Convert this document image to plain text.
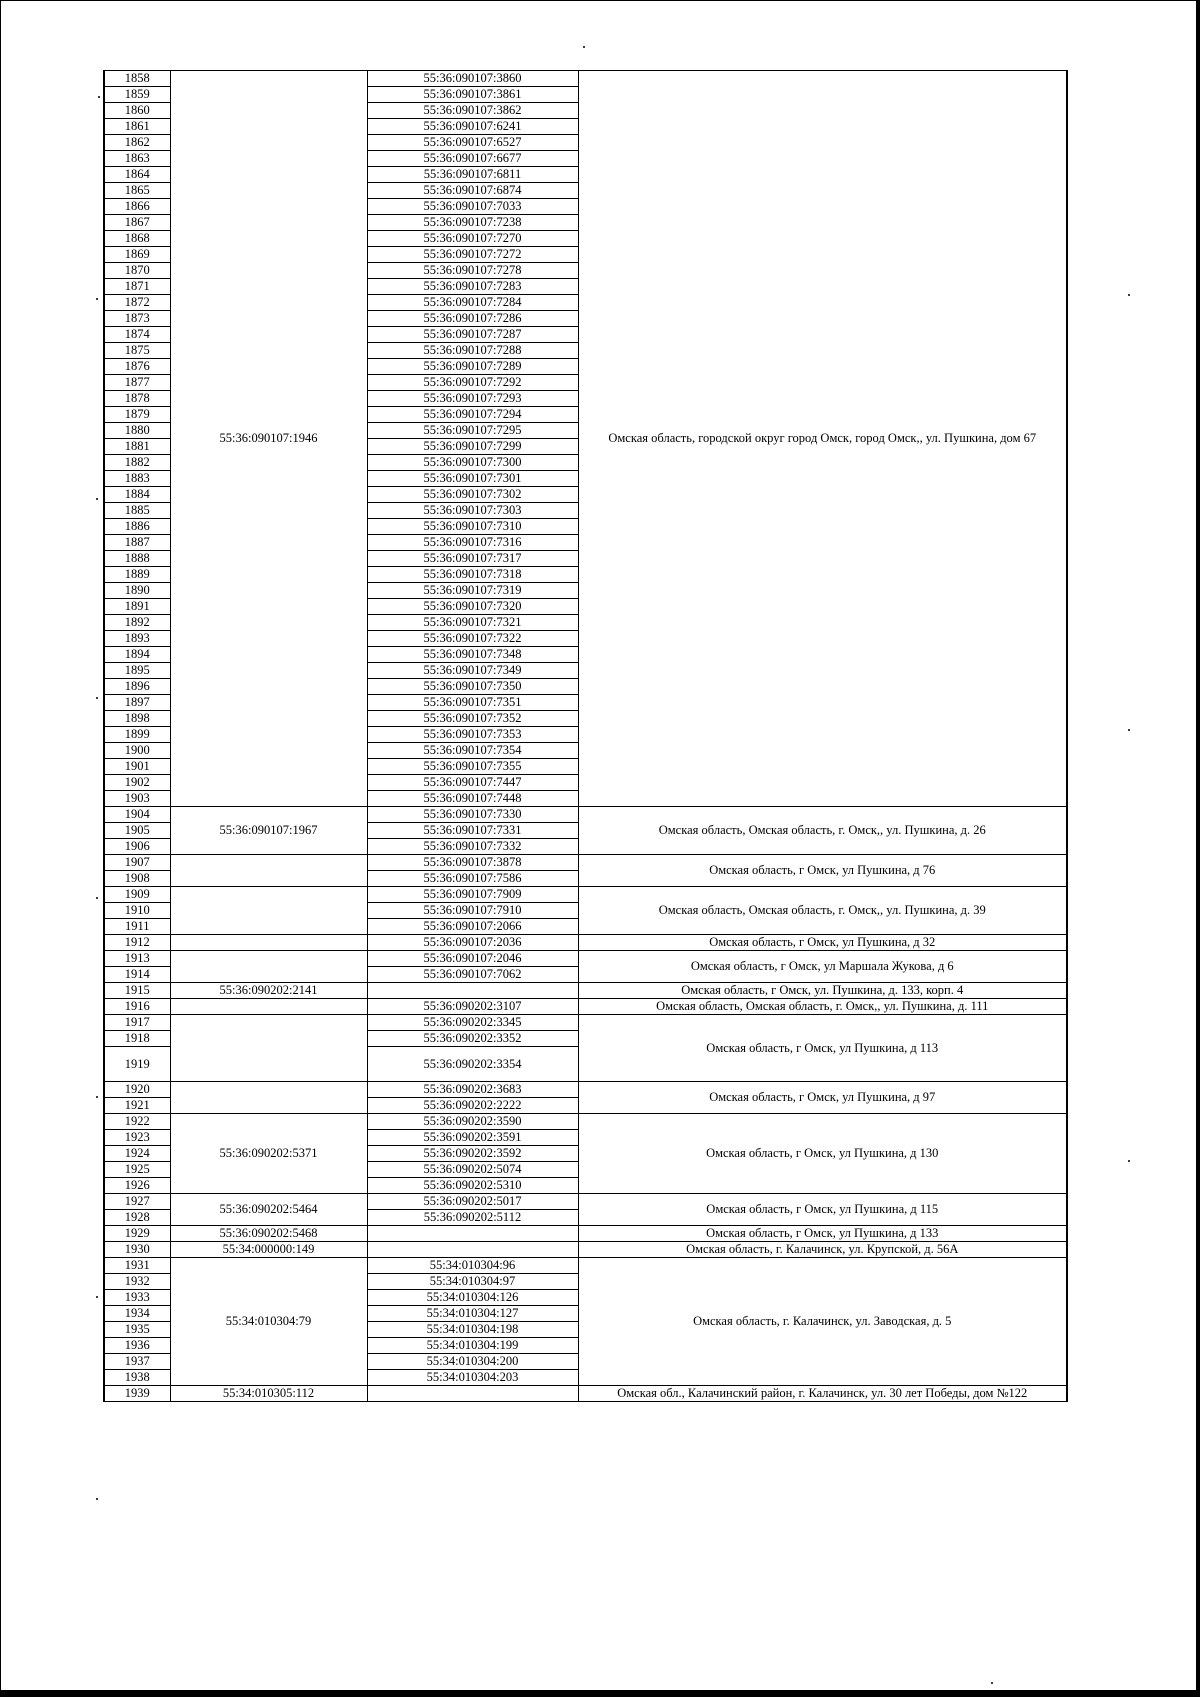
1858	55:36:090107:1946	55:36:090107:3860	Омская область, городской округ город Омск, город Омск,, ул. Пушкина, дом 67
1859		55:36:090107:3861	
1860		55:36:090107:3862	
1861		55:36:090107:6241	
1862		55:36:090107:6527	
1863		55:36:090107:6677	
1864		55:36:090107:6811	
1865		55:36:090107:6874	
1866		55:36:090107:7033	
1867		55:36:090107:7238	
1868		55:36:090107:7270	
1869		55:36:090107:7272	
1870		55:36:090107:7278	
1871		55:36:090107:7283	
1872		55:36:090107:7284	
1873		55:36:090107:7286	
1874		55:36:090107:7287	
1875		55:36:090107:7288	
1876		55:36:090107:7289	
1877		55:36:090107:7292	
1878		55:36:090107:7293	
1879		55:36:090107:7294	
1880		55:36:090107:7295	
1881		55:36:090107:7299	
1882		55:36:090107:7300	
1883		55:36:090107:7301	
1884		55:36:090107:7302	
1885		55:36:090107:7303	
1886		55:36:090107:7310	
1887		55:36:090107:7316	
1888		55:36:090107:7317	
1889		55:36:090107:7318	
1890		55:36:090107:7319	
1891		55:36:090107:7320	
1892		55:36:090107:7321	
1893		55:36:090107:7322	
1894		55:36:090107:7348	
1895		55:36:090107:7349	
1896		55:36:090107:7350	
1897		55:36:090107:7351	
1898		55:36:090107:7352	
1899		55:36:090107:7353	
1900		55:36:090107:7354	
1901		55:36:090107:7355	
1902		55:36:090107:7447	
1903		55:36:090107:7448	
1904	55:36:090107:1967	55:36:090107:7330	Омская область, Омская область, г. Омск,, ул. Пушкина, д. 26
1905		55:36:090107:7331	
1906		55:36:090107:7332	
1907		55:36:090107:3878	Омская область, г Омск, ул Пушкина, д 76
1908		55:36:090107:7586	
1909		55:36:090107:7909	Омская область, Омская область, г. Омск,, ул. Пушкина, д. 39
1910		55:36:090107:7910	
1911		55:36:090107:2066	
1912		55:36:090107:2036	Омская область, г Омск, ул Пушкина, д 32
1913		55:36:090107:2046	Омская область, г Омск, ул Маршала Жукова, д 6
1914		55:36:090107:7062	
1915	55:36:090202:2141		Омская область, г Омск, ул. Пушкина, д. 133, корп. 4
1916		55:36:090202:3107	Омская область, Омская область, г. Омск,, ул. Пушкина, д. 111
1917		55:36:090202:3345	Омская область, г Омск, ул Пушкина, д 113
1918		55:36:090202:3352	
1919		55:36:090202:3354	
1920		55:36:090202:3683	Омская область, г Омск, ул Пушкина, д 97
1921		55:36:090202:2222	
1922	55:36:090202:5371	55:36:090202:3590	Омская область, г Омск, ул Пушкина, д 130
1923		55:36:090202:3591	
1924		55:36:090202:3592	
1925		55:36:090202:5074	
1926		55:36:090202:5310	
1927	55:36:090202:5464	55:36:090202:5017	Омская область, г Омск, ул Пушкина, д 115
1928		55:36:090202:5112	
1929	55:36:090202:5468		Омская область, г Омск, ул Пушкина, д 133
1930	55:34:000000:149		Омская область, г. Калачинск, ул. Крупской, д. 56А
1931	55:34:010304:79	55:34:010304:96	Омская область, г. Калачинск, ул. Заводская, д. 5
1932		55:34:010304:97	
1933		55:34:010304:126	
1934		55:34:010304:127	
1935		55:34:010304:198	
1936		55:34:010304:199	
1937		55:34:010304:200	
1938		55:34:010304:203	
1939	55:34:010305:112		Омская обл., Калачинский район, г. Калачинск, ул. 30 лет Победы, дом №122
